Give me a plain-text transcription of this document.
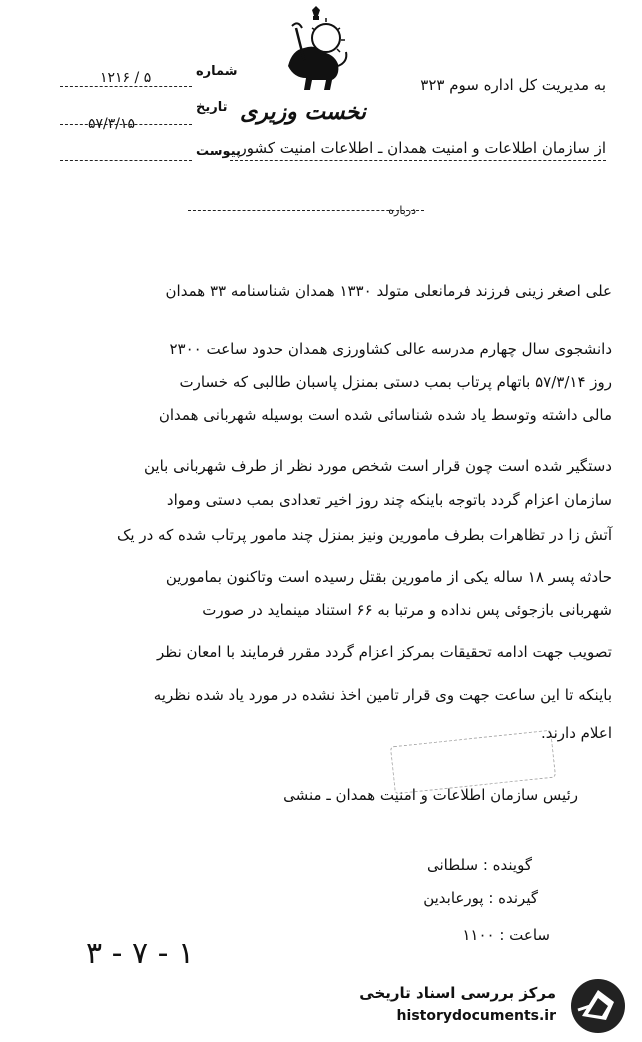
شماره
۱۲۱۶ / ۵
تاریخ
۵۷/۳/۱۵
پیوست
نخست وزیری
به مدیریت کل اداره سوم ۳۲۳
از سازمان اطلاعات و امنیت همدان ـ اطلاعات امنیت کشور
درباره
علی اصغر زینی فرزند فرمانعلی متولد ۱۳۳۰ همدان شناسنامه ۳۳ همدان
دانشجوی سال چهارم مدرسه عالی کشاورزی همدان حدود ساعت ۲۳۰۰
روز ۵۷/۳/۱۴ باتهام پرتاب بمب دستی بمنزل پاسبان طالبی که خسارت
مالی داشته وتوسط یاد شده شناسائی شده است بوسیله شهربانی همدان
دستگیر شده است چون قرار است شخص مورد نظر از طرف شهربانی باین
سازمان اعزام گردد باتوجه باینکه چند روز اخیر تعدادی بمب دستی ومواد
آتش زا در تظاهرات بطرف مامورین ونیز بمنزل چند مامور پرتاب شده که در یک
حادثه پسر ۱۸ ساله یکی از مامورین بقتل رسیده است وتاکنون بمامورین
شهربانی بازجوئی پس نداده و مرتبا به ۶۶ استناد مینماید در صورت
تصویب جهت ادامه تحقیقات بمرکز اعزام گردد مقرر فرمایند با امعان نظر
باینکه تا این ساعت جهت وی قرار تامین اخذ نشده در مورد یاد شده نظریه
اعلام دارند.
رئیس سازمان اطلاعات و امنیت همدان ـ منشی
گوینده : سلطانی
گیرنده : پورعابدین
ساعت : ۱۱۰۰
۳ - ۷ - ۱
مرکز بررسی اسناد تاریخی
historydocuments.ir
